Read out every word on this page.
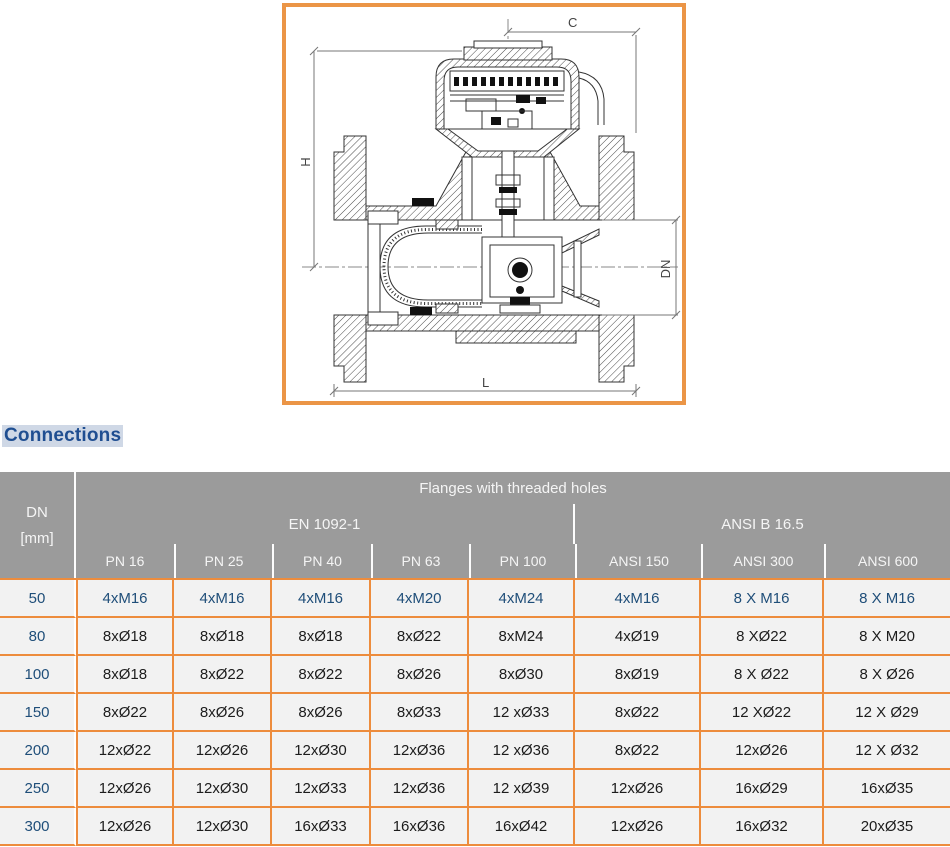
C
H
DN
L
Connections
DN
[mm]
Flanges with threaded holes
EN 1092-1	ANSI B 16.5
PN 16	PN 25	PN 40	PN 63	PN 100	ANSI 150	ANSI 300	ANSI 600
50	4xM16	4xM16	4xM16	4xM20	4xM24	4xM16	8 X M16	8 X M16
80	8xØ18	8xØ18	8xØ18	8xØ22	8xM24	4xØ19	8 XØ22	8 X M20
100	8xØ18	8xØ22	8xØ22	8xØ26	8xØ30	8xØ19	8 X Ø22	8 X Ø26
150	8xØ22	8xØ26	8xØ26	8xØ33	12 xØ33	8xØ22	12 XØ22	12 X Ø29
200	12xØ22	12xØ26	12xØ30	12xØ36	12 xØ36	8xØ22	12xØ26	12 X Ø32
250	12xØ26	12xØ30	12xØ33	12xØ36	12 xØ39	12xØ26	16xØ29	16xØ35
300	12xØ26	12xØ30	16xØ33	16xØ36	16xØ42	12xØ26	16xØ32	20xØ35
